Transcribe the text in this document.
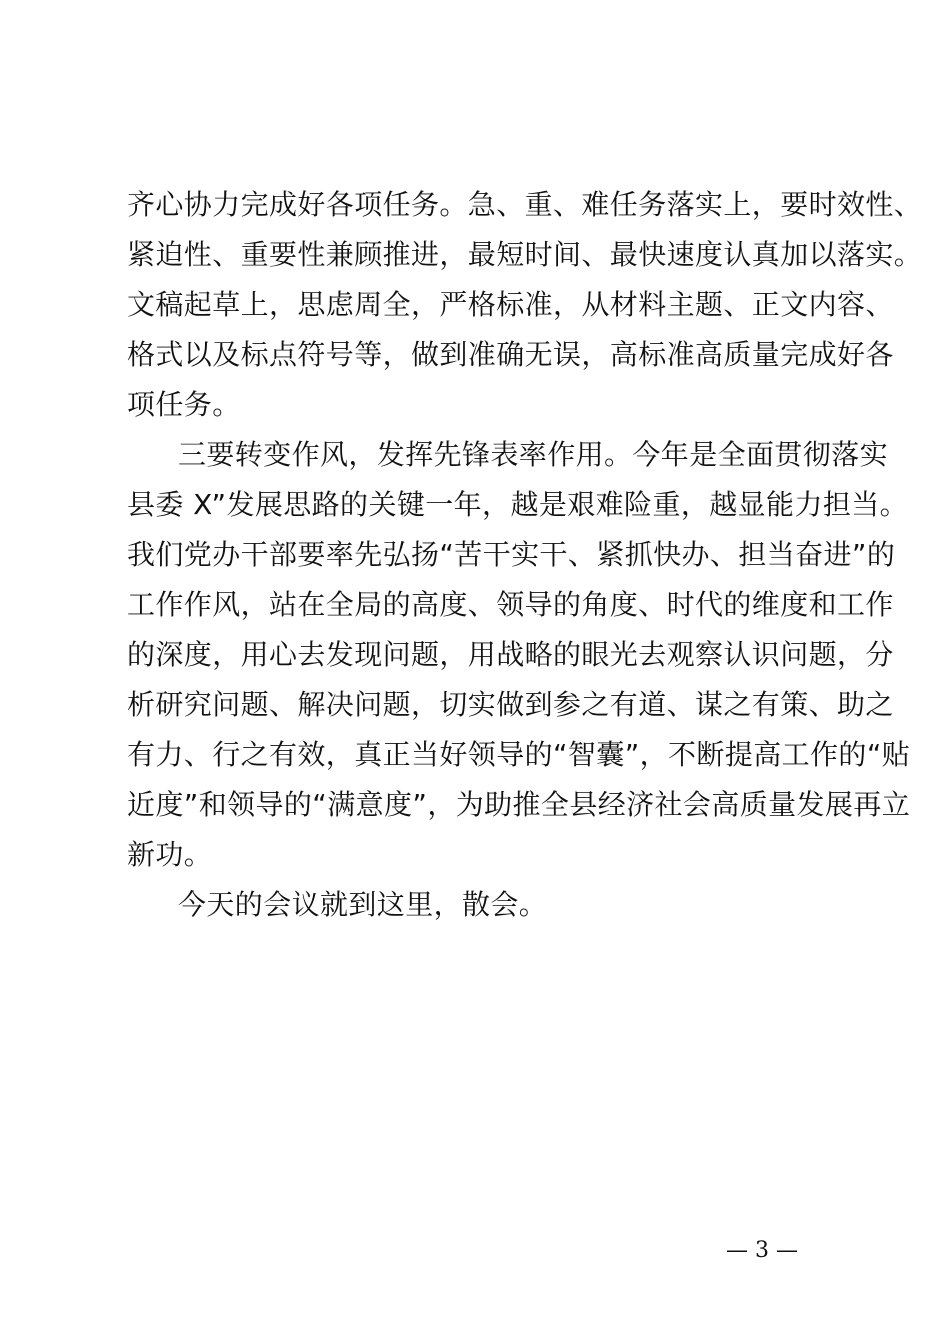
齐心协力完成好各项任务。急、重、难任务落实上，要时效性、
紧迫性、重要性兼顾推进，最短时间、最快速度认真加以落实。
文稿起草上，思虑周全，严格标准，从材料主题、正文内容、
格式以及标点符号等，做到准确无误，高标准高质量完成好各
项任务。
三要转变作风，发挥先锋表率作用。今年是全面贯彻落实
县委 X”发展思路的关键一年，越是艰难险重，越显能力担当。
我们党办干部要率先弘扬“苦干实干、紧抓快办、担当奋进”的
工作作风，站在全局的高度、领导的角度、时代的维度和工作
的深度，用心去发现问题，用战略的眼光去观察认识问题，分
析研究问题、解决问题，切实做到参之有道、谋之有策、助之
有力、行之有效，真正当好领导的“智囊”，不断提高工作的“贴
近度”和领导的“满意度”，为助推全县经济社会高质量发展再立
新功。
今天的会议就到这里，散会。
— 3 —
